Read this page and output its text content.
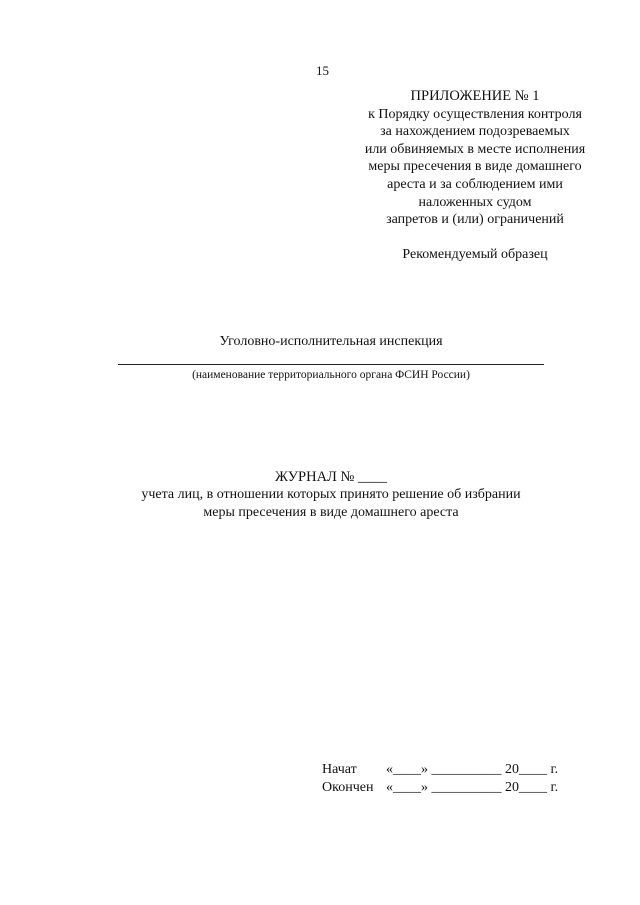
15
ПРИЛОЖЕНИЕ № 1
к Порядку осуществления контроля
за нахождением подозреваемых
или обвиняемых в месте исполнения
меры пресечения в виде домашнего
ареста и за соблюдением ими
наложенных судом
запретов и (или) ограничений
Рекомендуемый образец
Уголовно-исполнительная инспекция
(наименование территориального органа ФСИН России)
ЖУРНАЛ № ____
учета лиц, в отношении которых принято решение об избрании
меры пресечения в виде домашнего ареста
Начат «____» __________ 20____ г.
Окончен «____» __________ 20____ г.
